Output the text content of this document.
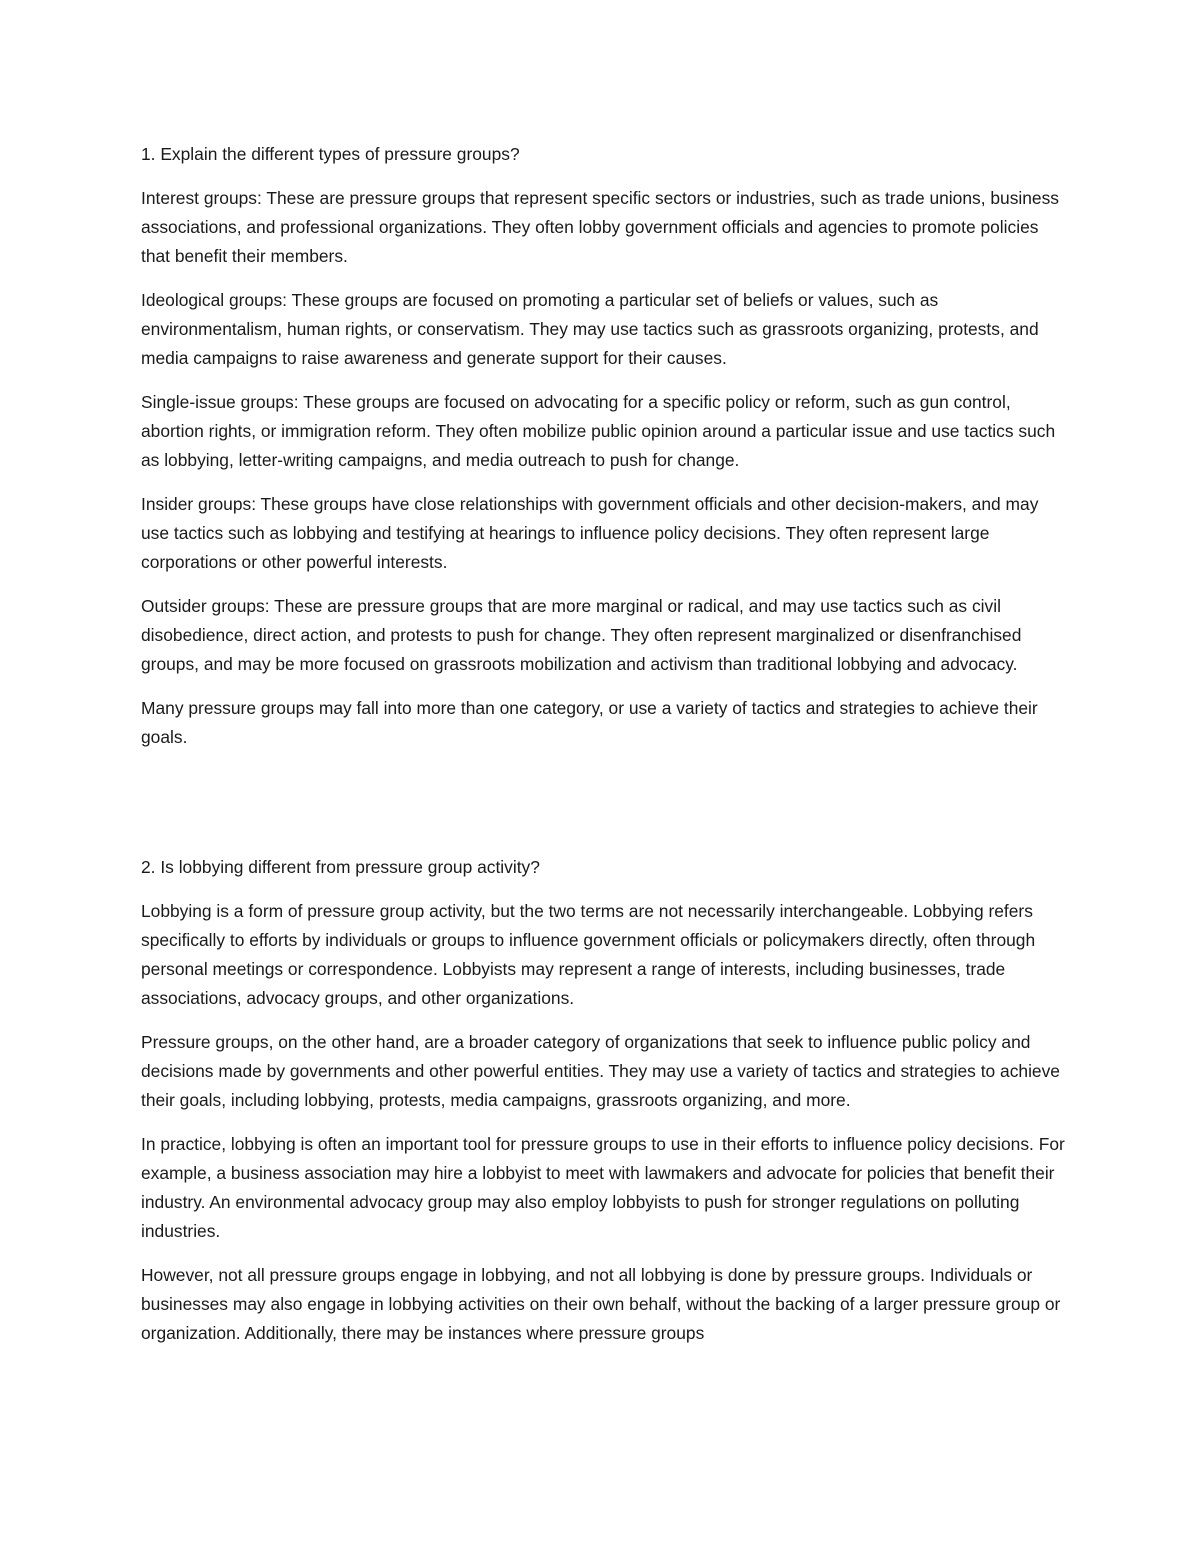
1. Explain the different types of pressure groups?

Interest groups: These are pressure groups that represent specific sectors or industries, such as trade unions, business associations, and professional organizations. They often lobby government officials and agencies to promote policies that benefit their members.

Ideological groups: These groups are focused on promoting a particular set of beliefs or values, such as environmentalism, human rights, or conservatism. They may use tactics such as grassroots organizing, protests, and media campaigns to raise awareness and generate support for their causes.

Single-issue groups: These groups are focused on advocating for a specific policy or reform, such as gun control, abortion rights, or immigration reform. They often mobilize public opinion around a particular issue and use tactics such as lobbying, letter-writing campaigns, and media outreach to push for change.

Insider groups: These groups have close relationships with government officials and other decision-makers, and may use tactics such as lobbying and testifying at hearings to influence policy decisions. They often represent large corporations or other powerful interests.

Outsider groups: These are pressure groups that are more marginal or radical, and may use tactics such as civil disobedience, direct action, and protests to push for change. They often represent marginalized or disenfranchised groups, and may be more focused on grassroots mobilization and activism than traditional lobbying and advocacy.

Many pressure groups may fall into more than one category, or use a variety of tactics and strategies to achieve their goals.

2. Is lobbying different from pressure group activity?

Lobbying is a form of pressure group activity, but the two terms are not necessarily interchangeable. Lobbying refers specifically to efforts by individuals or groups to influence government officials or policymakers directly, often through personal meetings or correspondence. Lobbyists may represent a range of interests, including businesses, trade associations, advocacy groups, and other organizations.

Pressure groups, on the other hand, are a broader category of organizations that seek to influence public policy and decisions made by governments and other powerful entities. They may use a variety of tactics and strategies to achieve their goals, including lobbying, protests, media campaigns, grassroots organizing, and more.

In practice, lobbying is often an important tool for pressure groups to use in their efforts to influence policy decisions. For example, a business association may hire a lobbyist to meet with lawmakers and advocate for policies that benefit their industry. An environmental advocacy group may also employ lobbyists to push for stronger regulations on polluting industries.

However, not all pressure groups engage in lobbying, and not all lobbying is done by pressure groups. Individuals or businesses may also engage in lobbying activities on their own behalf, without the backing of a larger pressure group or organization. Additionally, there may be instances where pressure groups
